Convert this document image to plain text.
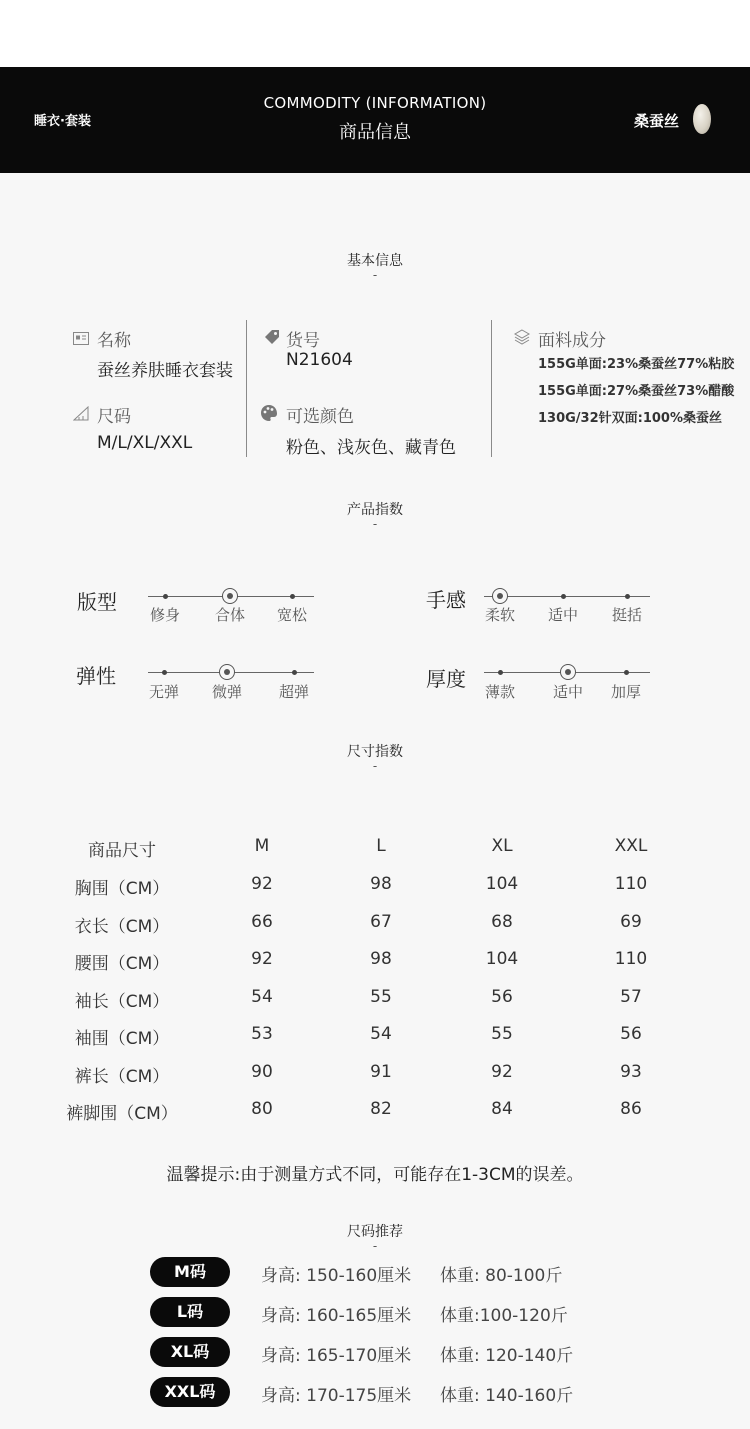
睡衣·套装
COMMODITY (INFORMATION)
商品信息
桑蚕丝
基本信息
-
名称
蚕丝养肤睡衣套装
尺码
M/L/XL/XXL
货号
N21604
可选颜色
粉色、浅灰色、藏青色
面料成分
155G单面:23%桑蚕丝77%粘胶
155G单面:27%桑蚕丝73%醋酸
130G/32针双面:100%桑蚕丝
产品指数
-
版型
修身	合体	宽松
手感
柔软	适中	挺括
弹性
无弹	微弹	超弹
厚度
薄款	适中	加厚
尺寸指数
-
商品尺寸	M	L	XL	XXL
胸围（CM）	92	98	104	110
衣长（CM）	66	67	68	69
腰围（CM）	92	98	104	110
袖长（CM）	54	55	56	57
袖围（CM）	53	54	55	56
裤长（CM）	90	91	92	93
裤脚围（CM）	80	82	84	86
温馨提示:由于测量方式不同，可能存在1-3CM的误差。
尺码推荐
-
M码	身高: 150-160厘米 体重: 80-100斤
L码	身高: 160-165厘米 体重:100-120斤
XL码	身高: 165-170厘米 体重: 120-140斤
XXL码	身高: 170-175厘米 体重: 140-160斤
